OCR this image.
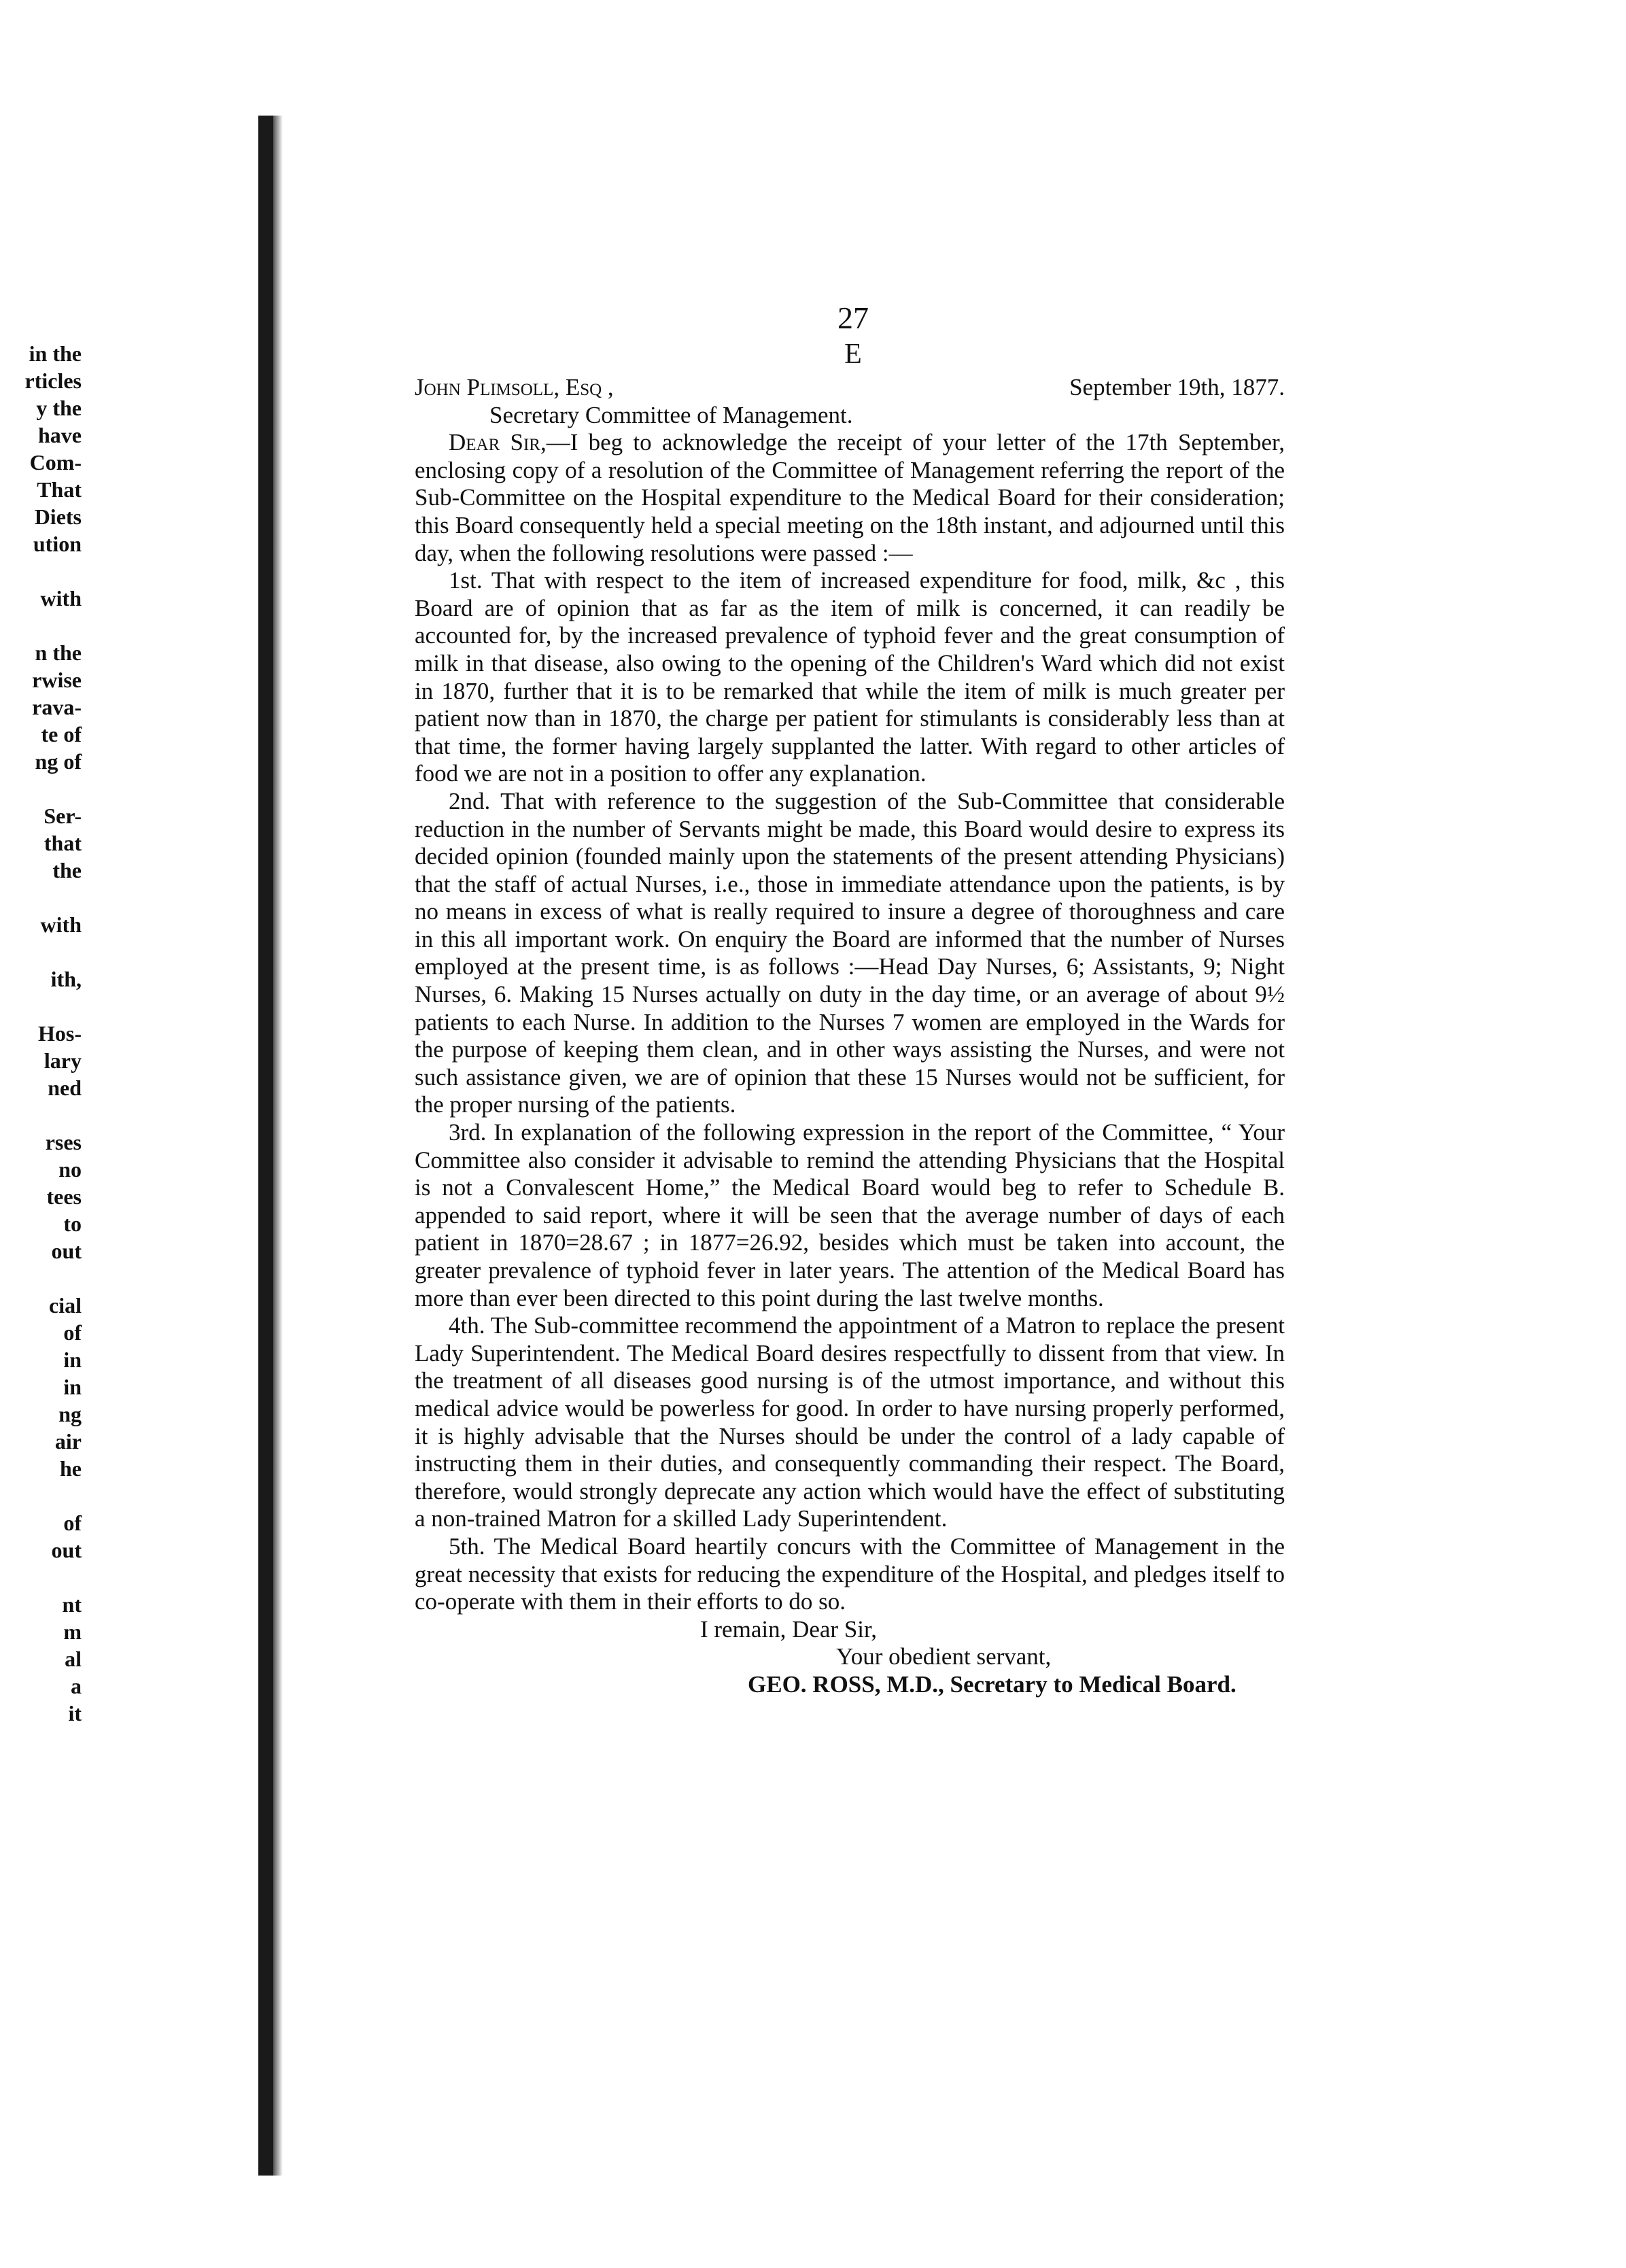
in the
rticles
y the
have
Com-
That
Diets
ution
with
n the
rwise
rava-
te of
ng of
Ser-
that
the
with
ith,
Hos-
lary
ned
rses
no
tees
to
out
cial
of
in
in
ng
air
he
of
out
nt
m
al
a
it
27
E
John Plimsoll, Esq ,	September 19th, 1877.
Secretary Committee of Management.

Dear Sir,—I beg to acknowledge the receipt of your letter of the 17th September, enclosing copy of a resolution of the Committee of Management referring the report of the Sub-Committee on the Hospital expenditure to the Medical Board for their consideration; this Board consequently held a special meeting on the 18th instant, and adjourned until this day, when the following resolutions were passed :—

1st. That with respect to the item of increased expenditure for food, milk, &c , this Board are of opinion that as far as the item of milk is concerned, it can readily be accounted for, by the increased prevalence of typhoid fever and the great consumption of milk in that disease, also owing to the opening of the Children's Ward which did not exist in 1870, further that it is to be remarked that while the item of milk is much greater per patient now than in 1870, the charge per patient for stimulants is considerably less than at that time, the former having largely supplanted the latter. With regard to other articles of food we are not in a position to offer any explanation.

2nd. That with reference to the suggestion of the Sub-Committee that considerable reduction in the number of Servants might be made, this Board would desire to express its decided opinion (founded mainly upon the statements of the present attending Physicians) that the staff of actual Nurses, i.e., those in immediate attendance upon the patients, is by no means in excess of what is really required to insure a degree of thoroughness and care in this all important work. On enquiry the Board are informed that the number of Nurses employed at the present time, is as follows :—Head Day Nurses, 6; Assistants, 9; Night Nurses, 6. Making 15 Nurses actually on duty in the day time, or an average of about 9½ patients to each Nurse. In addition to the Nurses 7 women are employed in the Wards for the purpose of keeping them clean, and in other ways assisting the Nurses, and were not such assistance given, we are of opinion that these 15 Nurses would not be sufficient, for the proper nursing of the patients.

3rd. In explanation of the following expression in the report of the Committee, “ Your Committee also consider it advisable to remind the attending Physicians that the Hospital is not a Convalescent Home,” the Medical Board would beg to refer to Schedule B. appended to said report, where it will be seen that the average number of days of each patient in 1870=28.67 ; in 1877=26.92, besides which must be taken into account, the greater prevalence of typhoid fever in later years. The attention of the Medical Board has more than ever been directed to this point during the last twelve months.

4th. The Sub-committee recommend the appointment of a Matron to replace the present Lady Superintendent. The Medical Board desires respectfully to dissent from that view. In the treatment of all diseases good nursing is of the utmost importance, and without this medical advice would be powerless for good. In order to have nursing properly performed, it is highly advisable that the Nurses should be under the control of a lady capable of instructing them in their duties, and consequently commanding their respect. The Board, therefore, would strongly deprecate any action which would have the effect of substituting a non-trained Matron for a skilled Lady Superintendent.

5th. The Medical Board heartily concurs with the Committee of Management in the great necessity that exists for reducing the expenditure of the Hospital, and pledges itself to co-operate with them in their efforts to do so.

I remain, Dear Sir,
Your obedient servant,
GEO. ROSS, M.D., Secretary to Medical Board.
